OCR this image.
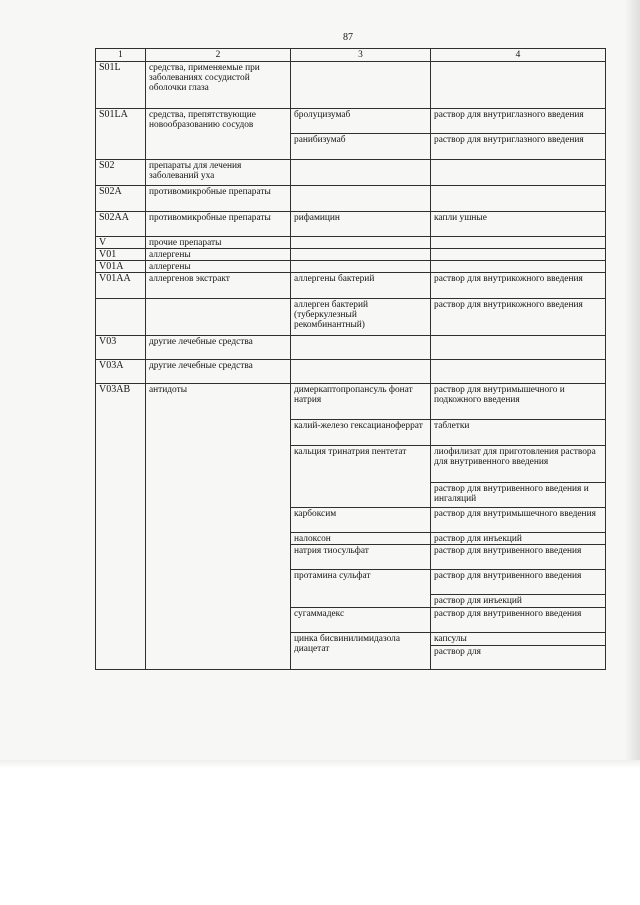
87
1	2	3	4
S01L	средства, применяемые при заболеваниях сосудистой оболочки глаза		
S01LA	средства, препятствующие новообразованию сосудов	бролуцизумаб	раствор для внутриглазного введения
		ранибизумаб	раствор для внутриглазного введения
S02	препараты для лечения заболеваний уха		
S02A	противомикробные препараты		
S02AA	противомикробные препараты	рифамицин	капли ушные
V	прочие препараты		
V01	аллергены		
V01A	аллергены		
V01AA	аллергенов экстракт	аллергены бактерий	раствор для внутрикожного введения
		аллерген бактерий (туберкулезный рекомбинантный)	раствор для внутрикожного введения
V03	другие лечебные средства		
V03A	другие лечебные средства		
V03AB	антидоты	димеркаптопропансуль фонат натрия	раствор для внутримышечного и подкожного введения
		калий-железо гексацианоферрат	таблетки
		кальция тринатрия пентетат	лиофилизат для приготовления раствора для внутривенного введения
			раствор для внутривенного введения и ингаляций
		карбоксим	раствор для внутримышечного введения
		налоксон	раствор для инъекций
		натрия тиосульфат	раствор для внутривенного введения
		протамина сульфат	раствор для внутривенного введения
			раствор для инъекций
		сугаммадекс	раствор для внутривенного введения
		цинка бисвинилимидазола диацетат	капсулы
			раствор для
